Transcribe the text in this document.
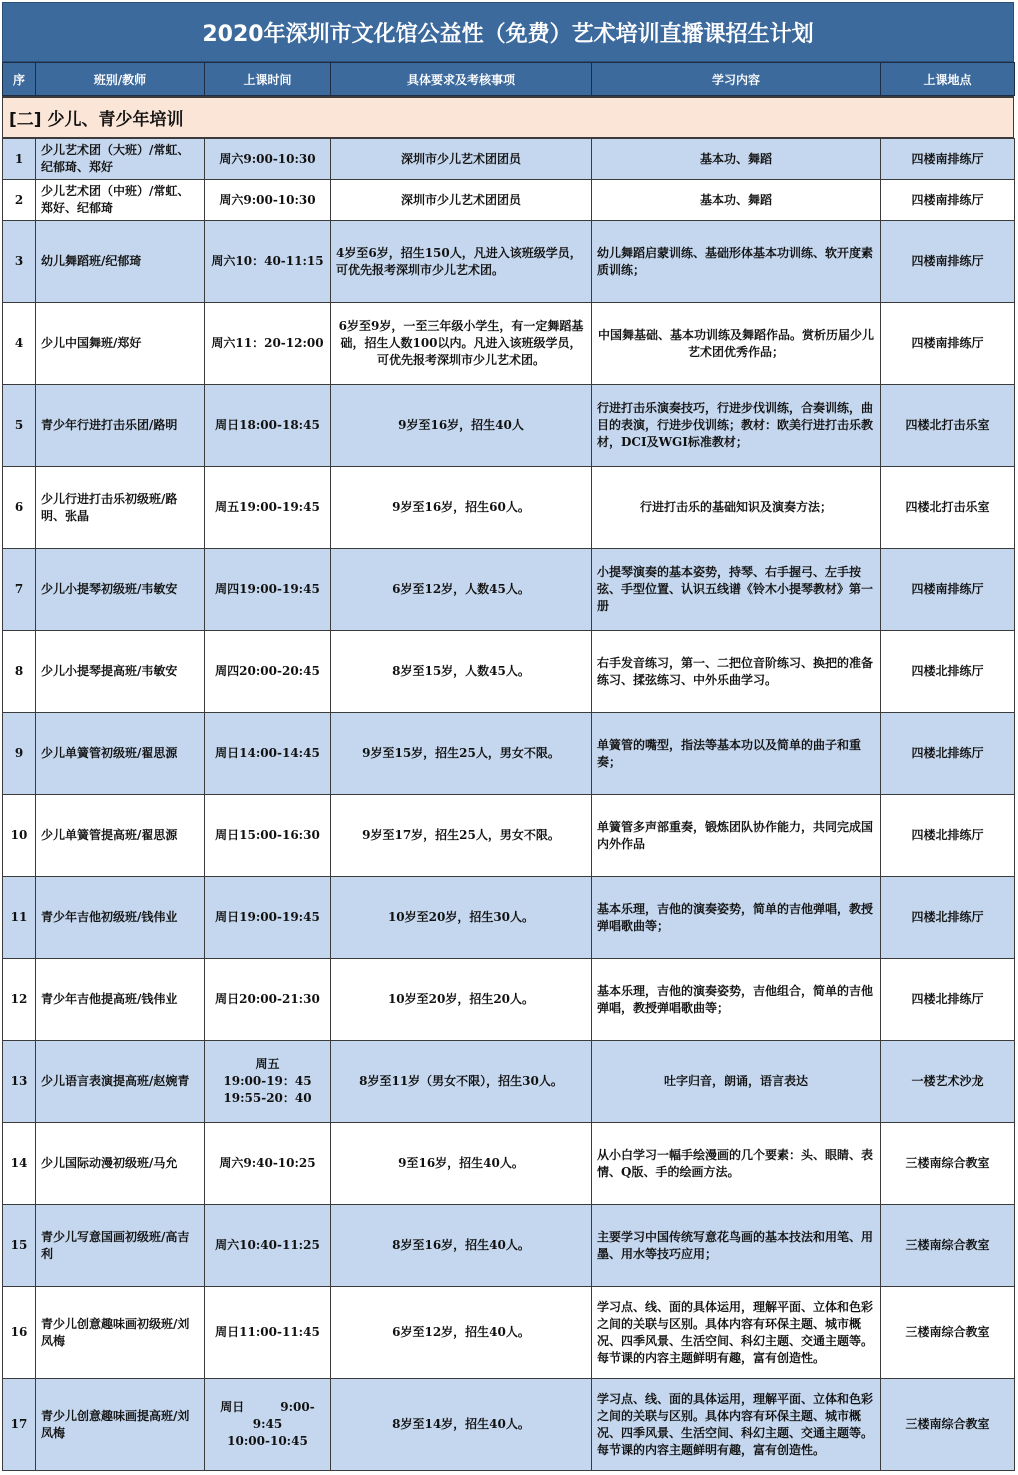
2020年深圳市文化馆公益性（免费）艺术培训直播课招生计划
序	班别/教师	上课时间	具体要求及考核事项	学习内容	上课地点
[二] 少儿、青少年培训
1	少儿艺术团（大班）/常虹、纪郁琦、郑好	周六9:00-10:30	深圳市少儿艺术团团员	基本功、舞蹈	四楼南排练厅
2	少儿艺术团（中班）/常虹、郑好、纪郁琦	周六9:00-10:30	深圳市少儿艺术团团员	基本功、舞蹈	四楼南排练厅
3	幼儿舞蹈班/纪郁琦	周六10：40-11:15	4岁至6岁，招生150人，凡进入该班级学员，可优先报考深圳市少儿艺术团。	幼儿舞蹈启蒙训练、基础形体基本功训练、软开度素质训练；	四楼南排练厅
4	少儿中国舞班/郑好	周六11：20-12:00	6岁至9岁，一至三年级小学生，有一定舞蹈基础，招生人数100以内。凡进入该班级学员，可优先报考深圳市少儿艺术团。	中国舞基础、基本功训练及舞蹈作品。赏析历届少儿艺术团优秀作品；	四楼南排练厅
5	青少年行进打击乐团/路明	周日18:00-18:45	9岁至16岁，招生40人	行进打击乐演奏技巧，行进步伐训练，合奏训练，曲目的表演，行进步伐训练；教材：欧美行进打击乐教材，DCI及WGI标准教材；	四楼北打击乐室
6	少儿行进打击乐初级班/路明、张晶	周五19:00-19:45	9岁至16岁，招生60人。	行进打击乐的基础知识及演奏方法；	四楼北打击乐室
7	少儿小提琴初级班/韦敏安	周四19:00-19:45	6岁至12岁，人数45人。	小提琴演奏的基本姿势，持琴、右手握弓、左手按弦、手型位置、认识五线谱《铃木小提琴教材》第一册	四楼南排练厅
8	少儿小提琴提高班/韦敏安	周四20:00-20:45	8岁至15岁，人数45人。	右手发音练习，第一、二把位音阶练习、换把的准备练习、揉弦练习、中外乐曲学习。	四楼北排练厅
9	少儿单簧管初级班/翟思源	周日14:00-14:45	9岁至15岁，招生25人，男女不限。	单簧管的嘴型，指法等基本功以及简单的曲子和重奏；	四楼北排练厅
10	少儿单簧管提高班/翟思源	周日15:00-16:30	9岁至17岁，招生25人，男女不限。	单簧管多声部重奏，锻炼团队协作能力，共同完成国内外作品	四楼北排练厅
11	青少年吉他初级班/钱伟业	周日19:00-19:45	10岁至20岁，招生30人。	基本乐理，吉他的演奏姿势，简单的吉他弹唱，教授弹唱歌曲等；	四楼北排练厅
12	青少年吉他提高班/钱伟业	周日20:00-21:30	10岁至20岁，招生20人。	基本乐理，吉他的演奏姿势，吉他组合，简单的吉他弹唱，教授弹唱歌曲等；	四楼北排练厅
13	少儿语言表演提高班/赵婉青	周五
19:00-19：45
19:55-20：40	8岁至11岁（男女不限），招生30人。	吐字归音，朗诵，语言表达	一楼艺术沙龙
14	少儿国际动漫初级班/马允	周六9:40-10:25	9至16岁，招生40人。	从小白学习一幅手绘漫画的几个要素：头、眼睛、表情、Q版、手的绘画方法。	三楼南综合教室
15	青少儿写意国画初级班/高吉利	周六10:40-11:25	8岁至16岁，招生40人。	主要学习中国传统写意花鸟画的基本技法和用笔、用墨、用水等技巧应用；	三楼南综合教室
16	青少儿创意趣味画初级班/刘凤梅	周日11:00-11:45	6岁至12岁，招生40人。	学习点、线、面的具体运用，理解平面、立体和色彩之间的关联与区别。具体内容有环保主题、城市概况、四季风景、生活空间、科幻主题、交通主题等。每节课的内容主题鲜明有趣，富有创造性。	三楼南综合教室
17	青少儿创意趣味画提高班/刘凤梅	周日　　　9:00-
9:45
10:00-10:45	8岁至14岁，招生40人。	学习点、线、面的具体运用，理解平面、立体和色彩之间的关联与区别。具体内容有环保主题、城市概况、四季风景、生活空间、科幻主题、交通主题等。每节课的内容主题鲜明有趣，富有创造性。	三楼南综合教室
